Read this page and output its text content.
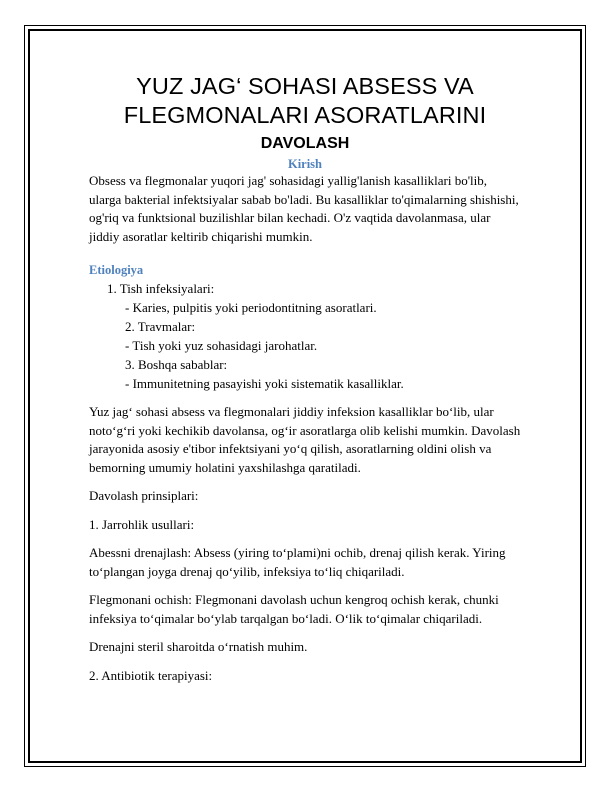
YUZ JAG‘ SOHASI ABSESS VA
FLEGMONALARI ASORATLARINI
DAVOLASH
Kirish

Obsess va flegmonalar yuqori jag' sohasidagi yallig'lanish kasalliklari bo'lib, ularga bakterial infektsiyalar sabab bo'ladi. Bu kasalliklar to'qimalarning shishishi, og'riq va funktsional buzilishlar bilan kechadi. O'z vaqtida davolanmasa, ular jiddiy asoratlar keltirib chiqarishi mumkin.

Etiologiya
1. Tish infeksiyalari:
- Karies, pulpitis yoki periodontitning asoratlari.
2. Travmalar:
- Tish yoki yuz sohasidagi jarohatlar.
3. Boshqa sabablar:
- Immunitetning pasayishi yoki sistematik kasalliklar.

Yuz jag‘ sohasi absess va flegmonalari jiddiy infeksion kasalliklar bo‘lib, ular noto‘g‘ri yoki kechikib davolansa, og‘ir asoratlarga olib kelishi mumkin. Davolash jarayonida asosiy e'tibor infektsiyani yo‘q qilish, asoratlarning oldini olish va bemorning umumiy holatini yaxshilashga qaratiladi.

Davolash prinsiplari:

1. Jarrohlik usullari:

Abessni drenajlash: Absess (yiring to‘plami)ni ochib, drenaj qilish kerak. Yiring to‘plangan joyga drenaj qo‘yilib, infeksiya to‘liq chiqariladi.

Flegmonani ochish: Flegmonani davolash uchun kengroq ochish kerak, chunki infeksiya to‘qimalar bo‘ylab tarqalgan bo‘ladi. O‘lik to‘qimalar chiqariladi.

Drenajni steril sharoitda o‘rnatish muhim.

2. Antibiotik terapiyasi:
